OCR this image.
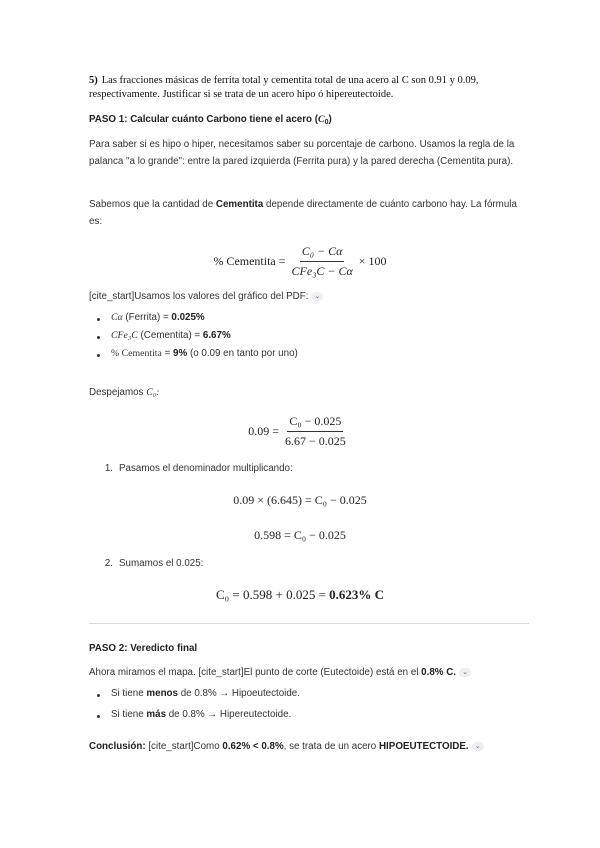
5) Las fracciones másicas de ferrita total y cementita total de una acero al C son 0.91 y 0.09, respectivamente. Justificar si se trata de un acero hipo ó hipereutectoide.
PASO 1: Calcular cuánto Carbono tiene el acero $(C_0)$
Para saber si es hipo o hiper, necesitamos saber su porcentaje de carbono. Usamos la regla de la palanca "a lo grande": entre la pared izquierda (Ferrita pura) y la pared derecha (Cementita pura).
Sabemos que la cantidad de Cementita depende directamente de cuánto carbono hay. La fórmula es:
% Cementita = $\frac{\text{C₀ − Cα}}{\text{CFe₃C − Cα}} \times 100$
[cite_start]Usamos los valores del gráfico del PDF: ⌄
Cα (Ferrita) = 0.025%
CFe₃C (Cementita) = 6.67%
% Cementita = 9% (o 0.09 en tanto por uno)
Despejamos C₀:
$0.09 = \frac{\text{C₀ − 0.025}}{6.67 - 0.025}$
1. Pasamos el denominador multiplicando:
0.09 × (6.645) = C₀ − 0.025
0.598 = C₀ − 0.025
2. Sumamos el 0.025:
C₀ = 0.598 + 0.025 =
0.623% C
PASO 2: Veredicto final
Ahora miramos el mapa. [cite_start]El punto de corte (Eutectoide) está en el 0.8% C. ⌄
Si tiene menos de 0.8% → Hipoeutectoide.
Si tiene más de 0.8% → Hipereutectoide.
Conclusión: [cite_start]Como 0.62% < 0.8%, se trata de un acero HIPOEUTECTOIDE. ⌄
